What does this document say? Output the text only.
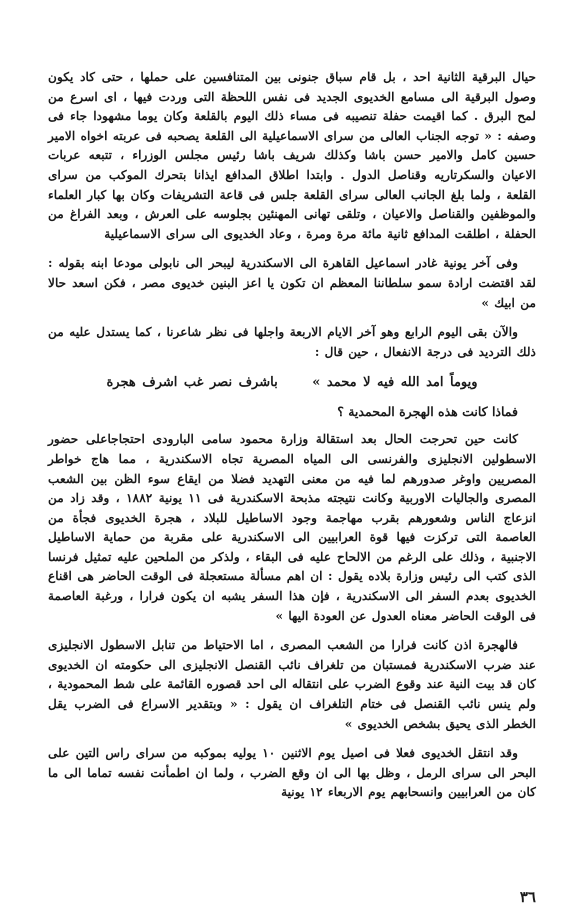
حيال البرقية الثانية احد ، بل قام سباق جنونى بين المتنافسين على حملها ، حتى كاد يكون وصول البرقية الى مسامع الخديوى الجديد فى نفس اللحظة التى وردت فيها ، اى اسرع من لمح البرق . كما اقيمت حفلة تنصيبه فى مساء ذلك اليوم بالقلعة وكان يوما مشهودا جاء فى وصفه : « توجه الجناب العالى من سراى الاسماعيلية الى القلعة يصحبه فى عربته اخواه الامير حسين كامل والامير حسن باشا وكذلك شريف باشا رئيس مجلس الوزراء ، تتبعه عربات الاعيان والسكرتاريه وقناصل الدول . وابتدا اطلاق المدافع ايذانا بتحرك الموكب من سراى القلعة ، ولما بلغ الجانب العالى سراى القلعة جلس فى قاعة التشريفات وكان بها كبار العلماء والموظفين والقناصل والاعيان ، وتلقى تهانى المهنئين بجلوسه على العرش ، وبعد الفراغ من الحفلة ، اطلقت المدافع ثانية مائة مرة ومرة ، وعاد الخديوى الى سراى الاسماعيلية

وفى آخر يونية غادر اسماعيل القاهرة الى الاسكندرية ليبحر الى نابولى مودعا ابنه بقوله : لقد اقتضت ارادة سمو سلطاننا المعظم ان تكون يا اعز البنين خديوى مصر ، فكن اسعد حالا من ابيك »

والآن بقى اليوم الرابع وهو آخر الايام الاربعة واجلها فى نظر شاعرنا ، كما يستدل عليه من ذلك الترديد فى درجة الانفعال ، حين قال :

ويوماً امد الله فيه لا محمد » باشرف نصر غب اشرف هجرة

فماذا كانت هذه الهجرة المحمدية ؟

كانت حين تحرجت الحال بعد استقالة وزارة محمود سامى البارودى احتجاجاعلى حضور الاسطولين الانجليزى والفرنسى الى المياه المصرية تجاه الاسكندرية ، مما هاج خواطر المصريين واوغر صدورهم لما فيه من معنى التهديد فضلا من ايقاع سوء الظن بين الشعب المصرى والجاليات الاوربية وكانت نتيجته مذبحة الاسكندرية فى ١١ يونية ١٨٨٢ ، وقد زاد من انزعاج الناس وشعورهم بقرب مهاجمة وجود الاساطيل للبلاد ، هجرة الخديوى فجأة من العاصمة التى تركزت فيها قوة العرابيين الى الاسكندرية على مقربة من حماية الاساطيل الاجنبية ، وذلك على الرغم من الالحاح عليه فى البقاء ، ولذكر من الملحين عليه تمثيل فرنسا الذى كتب الى رئيس وزارة بلاده يقول : ان اهم مسألة مستعجلة فى الوقت الحاضر هى اقناع الخديوى بعدم السفر الى الاسكندرية ، فإن هذا السفر يشبه ان يكون فرارا ، ورغبة العاصمة فى الوقت الحاضر معناه العدول عن العودة اليها »

فالهجرة اذن كانت فرارا من الشعب المصرى ، اما الاحتياط من تنابل الاسطول الانجليزى عند ضرب الاسكندرية فمستبان من تلغراف نائب القنصل الانجليزى الى حكومته ان الخديوى كان قد بيت النية عند وقوع الضرب على انتقاله الى احد قصوره القائمة على شط المحمودية ، ولم ينس نائب القنصل فى ختام التلغراف ان يقول : « وبتقدير الاسراع فى الضرب يقل الخطر الذى يحيق بشخص الخديوى »

وقد انتقل الخديوى فعلا فى اصيل يوم الاثنين ١٠ يوليه بموكبه من سراى راس التين على البحر الى سراى الرمل ، وظل بها الى ان وقع الضرب ، ولما ان اطمأنت نفسه تماما الى ما كان من العرابيين وانسحابهم يوم الاربعاء ١٢ يونية

٣٦
